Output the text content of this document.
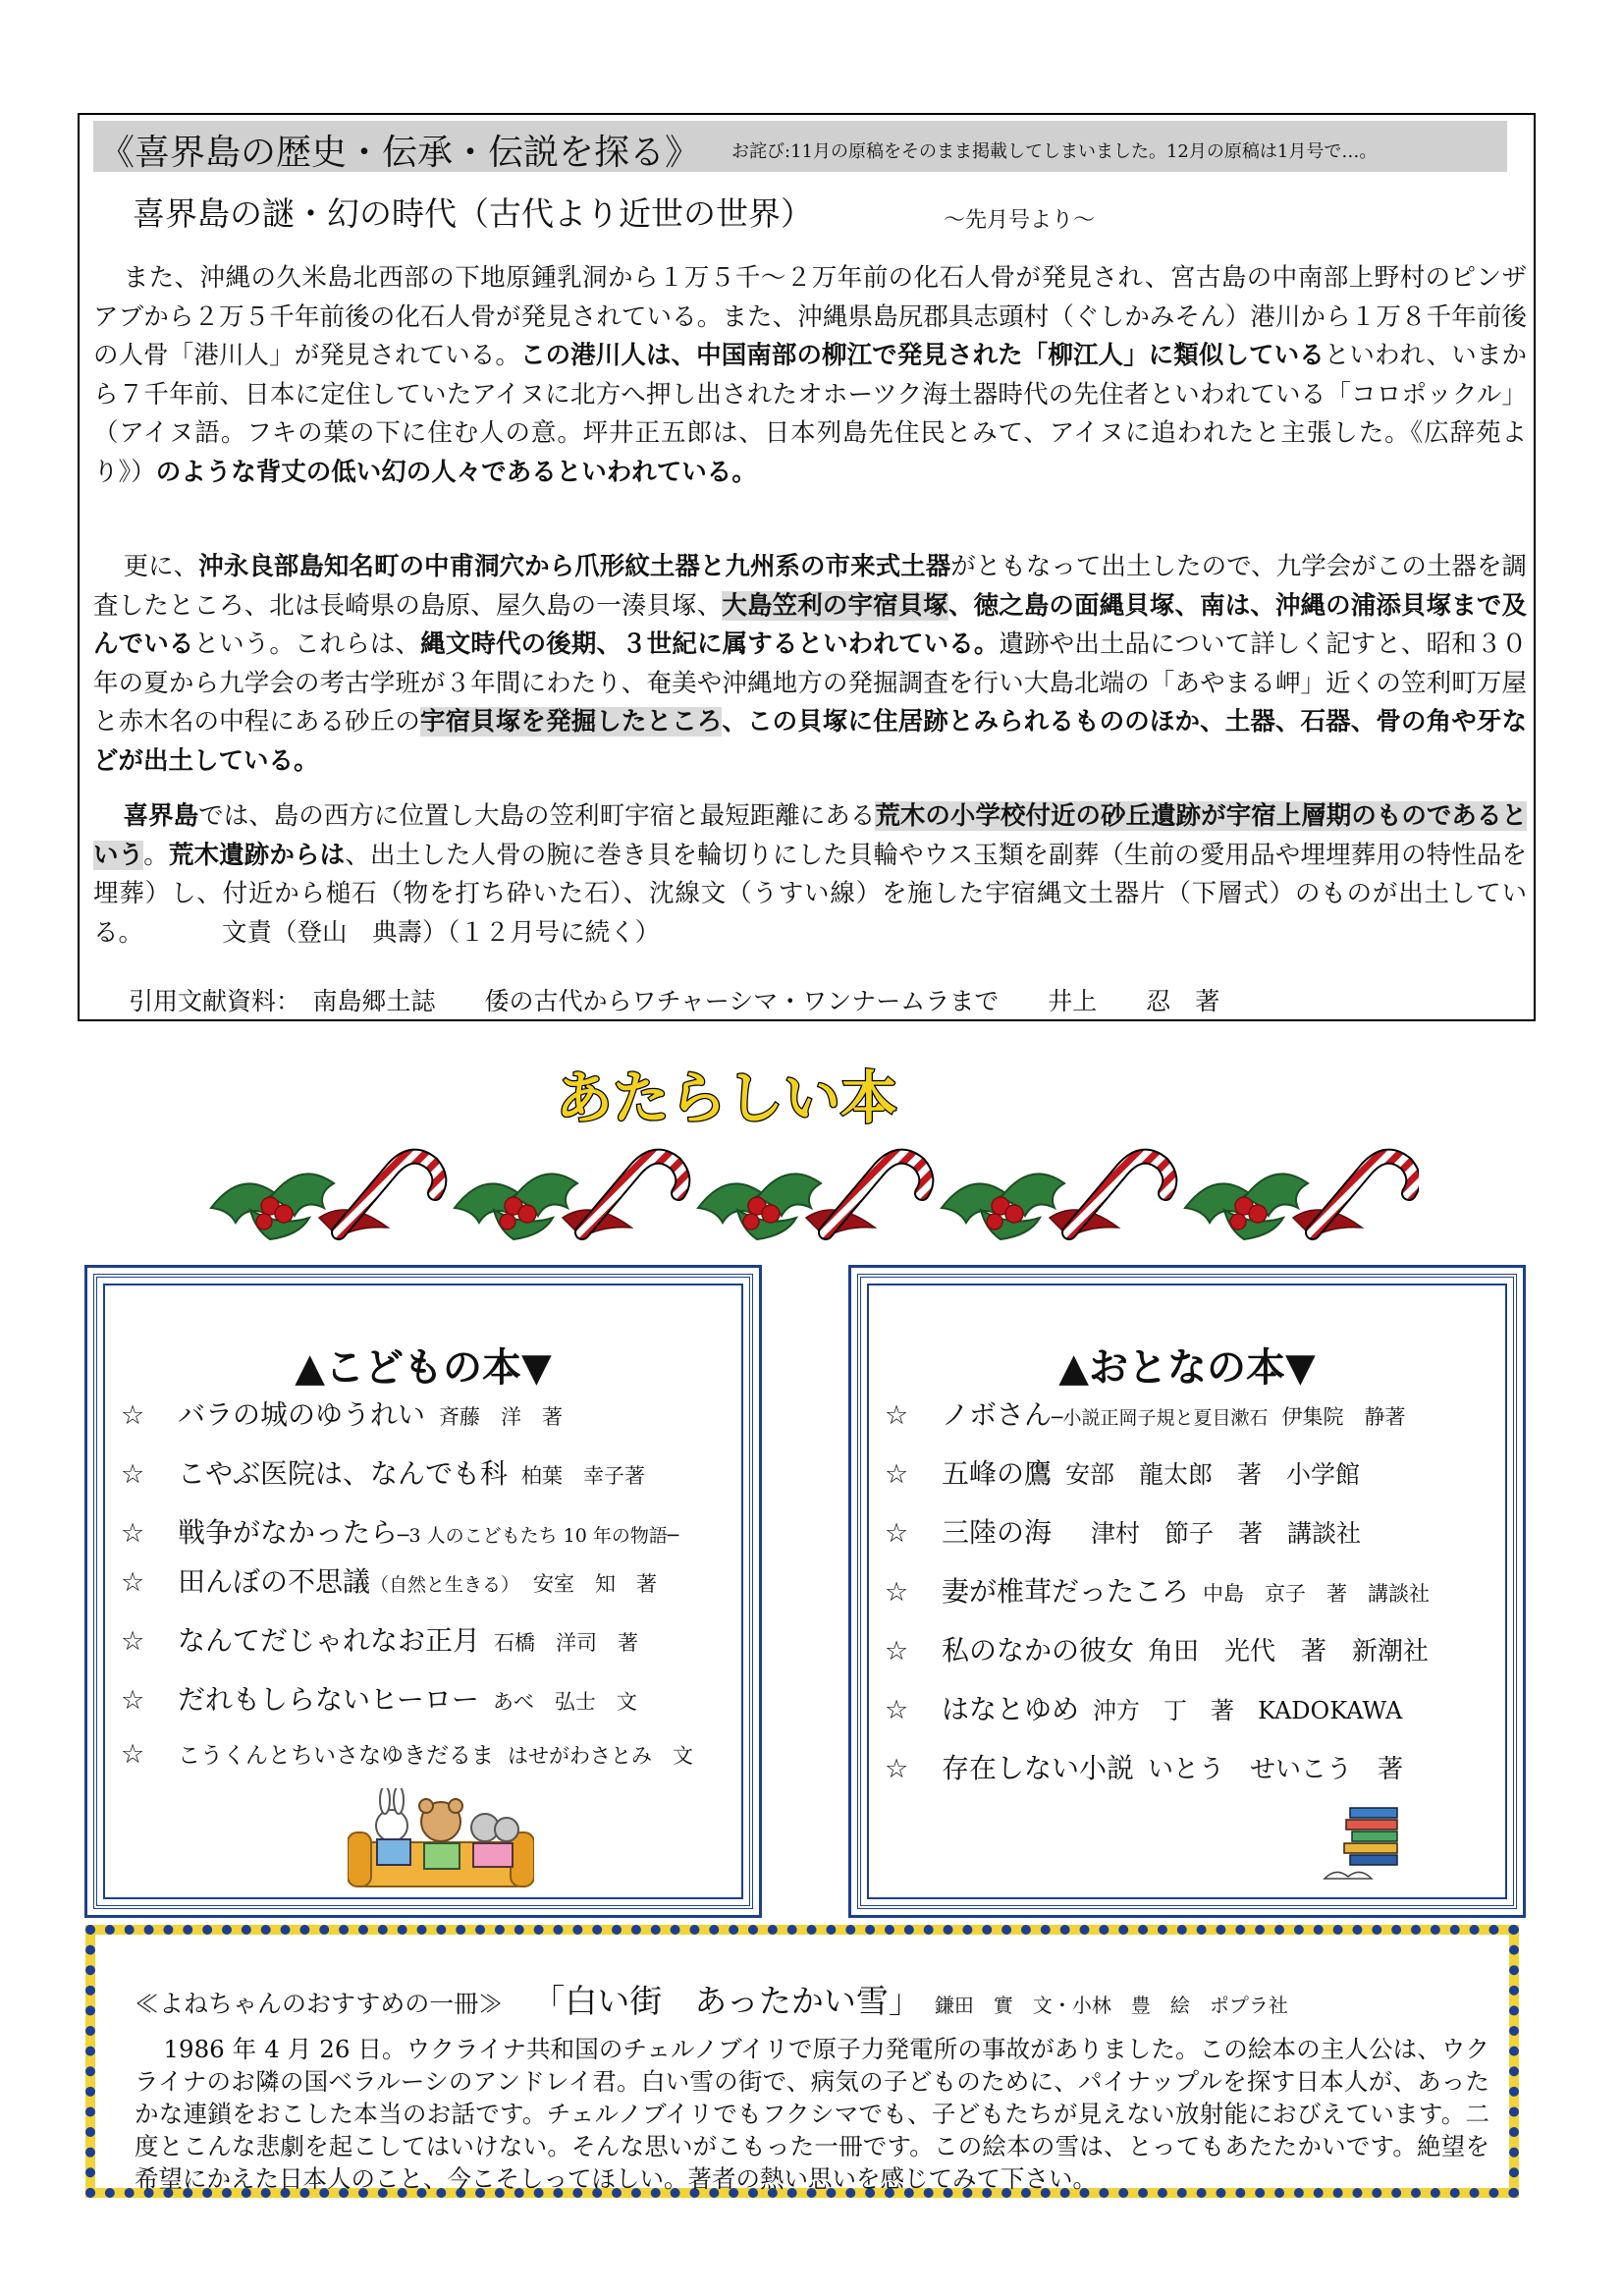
《喜界島の歴史・伝承・伝説を探る》 お詫び:11月の原稿をそのまま掲載してしまいました。12月の原稿は1月号で…。
喜界島の謎・幻の時代（古代より近世の世界）	～先月号より～

また、沖縄の久米島北西部の下地原鍾乳洞から１万５千～２万年前の化石人骨が発見され、宮古島の中南部上野村のピンザアブから２万５千年前後の化石人骨が発見されている。また、沖縄県島尻郡具志頭村（ぐしかみそん）港川から１万８千年前後の人骨「港川人」が発見されている。この港川人は、中国南部の柳江で発見された「柳江人」に類似しているといわれ、いまから７千年前、日本に定住していたアイヌに北方へ押し出されたオホーツク海土器時代の先住者といわれている「コロポックル」（アイヌ語。フキの葉の下に住む人の意。坪井正五郎は、日本列島先住民とみて、アイヌに追われたと主張した。《広辞苑より》）のような背丈の低い幻の人々であるといわれている。

更に、沖永良部島知名町の中甫洞穴から爪形紋土器と九州系の市来式土器がともなって出土したので、九学会がこの土器を調査したところ、北は長崎県の島原、屋久島の一湊貝塚、大島笠利の宇宿貝塚、徳之島の面縄貝塚、南は、沖縄の浦添貝塚まで及んでいるという。これらは、縄文時代の後期、３世紀に属するといわれている。遺跡や出土品について詳しく記すと、昭和３０年の夏から九学会の考古学班が３年間にわたり、奄美や沖縄地方の発掘調査を行い大島北端の「あやまる岬」近くの笠利町万屋と赤木名の中程にある砂丘の宇宿貝塚を発掘したところ、この貝塚に住居跡とみられるもののほか、土器、石器、骨の角や牙などが出土している。

喜界島では、島の西方に位置し大島の笠利町宇宿と最短距離にある荒木の小学校付近の砂丘遺跡が宇宿上層期のものであるという。荒木遺跡からは、出土した人骨の腕に巻き貝を輪切りにした貝輪やウス玉類を副葬（生前の愛用品や埋埋葬用の特性品を埋葬）し、付近から槌石（物を打ち砕いた石）、沈線文（うすい線）を施した宇宿縄文土器片（下層式）のものが出土している。	文責（登山　典壽）（１２月号に続く）

引用文献資料：　南島郷土誌　　倭の古代からワチャーシマ・ワンナームラまで　　井上　　忍　著
あたらしい本
▲こどもの本▼
☆ バラの城のゆうれい 斉藤　洋　著
☆ こやぶ医院は、なんでも科 柏葉　幸子著
☆ 戦争がなかったら─3 人のこどもたち 10 年の物語─
☆ 田んぼの不思議（自然と生きる） 安室　知　著
☆ なんてだじゃれなお正月 石橋　洋司　著
☆ だれもしらないヒーロー あべ　弘士　文
☆ こうくんとちいさなゆきだるま はせがわさとみ　文
▲おとなの本▼
☆ ノボさん─小説正岡子規と夏目漱石 伊集院　静著
☆ 五峰の鷹 安部　龍太郎　著　小学館
☆ 三陸の海 津村　節子　著　講談社
☆ 妻が椎茸だったころ 中島　京子　著　講談社
☆ 私のなかの彼女 角田　光代　著　新潮社
☆ はなとゆめ 沖方　丁　著　KADOKAWA
☆ 存在しない小説 いとう　せいこう　著
≪よねちゃんのおすすめの一冊≫ 「白い街　あったかい雪」 鎌田　實　文・小林　豊　絵　ポプラ社

1986 年 4 月 26 日。ウクライナ共和国のチェルノブイリで原子力発電所の事故がありました。この絵本の主人公は、ウクライナのお隣の国ベラルーシのアンドレイ君。白い雪の街で、病気の子どものために、パイナップルを探す日本人が、あったかな連鎖をおこした本当のお話です。チェルノブイリでもフクシマでも、子どもたちが見えない放射能におびえています。二度とこんな悲劇を起こしてはいけない。そんな思いがこもった一冊です。この絵本の雪は、とってもあたたかいです。絶望を希望にかえた日本人のこと、今こそしってほしい。著者の熱い思いを感じてみて下さい。
